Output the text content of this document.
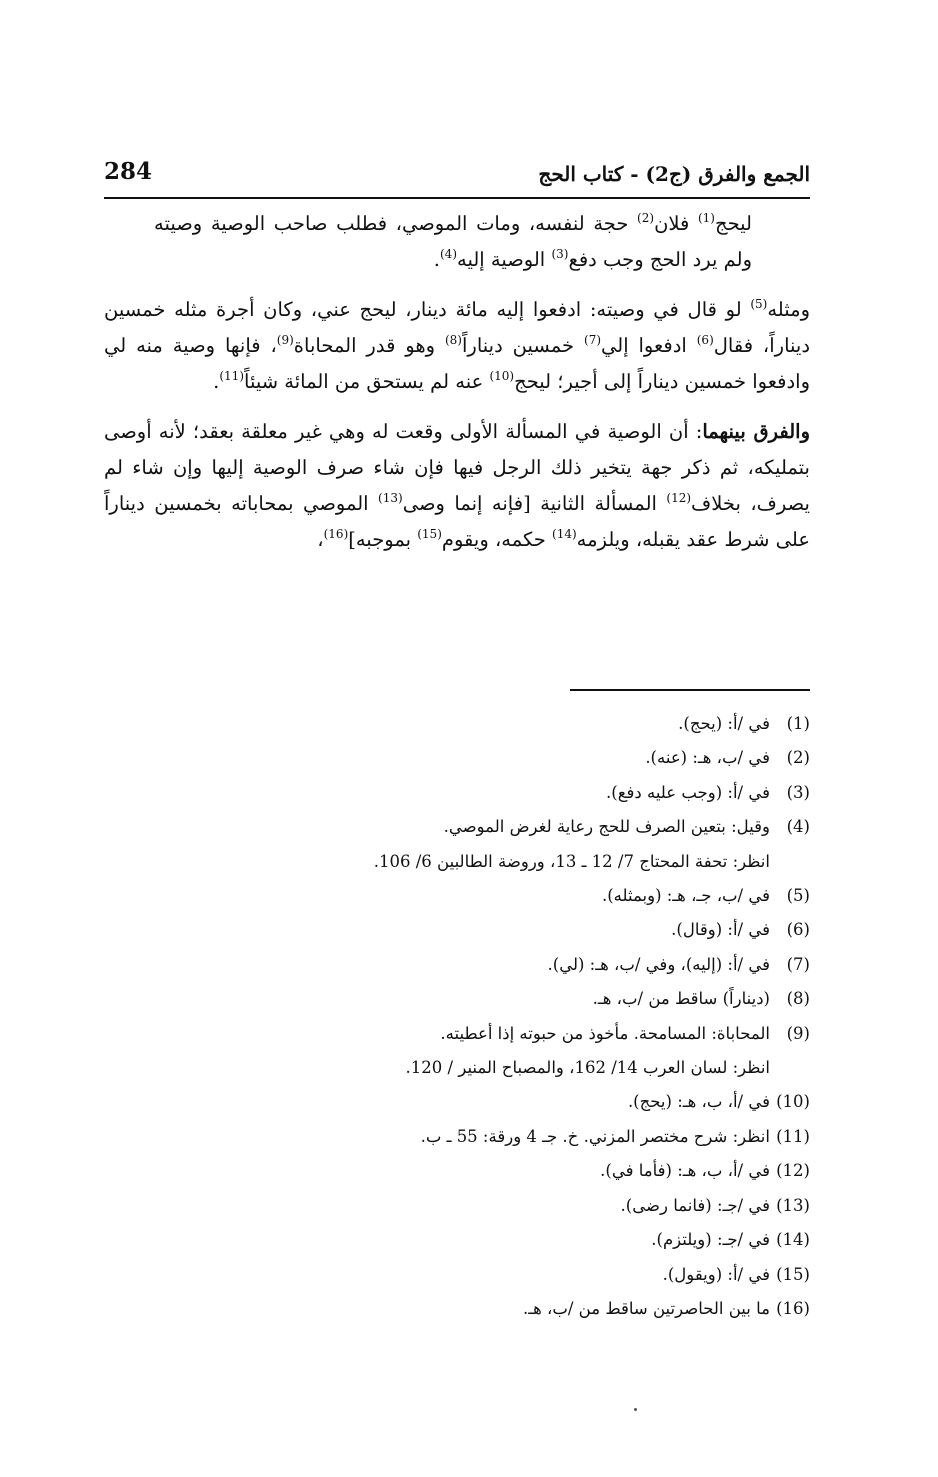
الجمع والفرق (ج2) - كتاب الحج
284

ليحج$^{(1)}$ فلان$^{(2)}$ حجة لنفسه، ومات الموصي، فطلب صاحب الوصية وصيته ولم يرد الحج وجب دفع$^{(3)}$ الوصية إليه$^{(4)}$.

ومثله$^{(5)}$ لو قال في وصيته: ادفعوا إليه مائة دينار، ليحج عني، وكان أجرة مثله خمسين ديناراً، فقال$^{(6)}$ ادفعوا إلي$^{(7)}$ خمسين ديناراً$^{(8)}$ وهو قدر المحاباة$^{(9)}$، فإنها وصية منه لي وادفعوا خمسين ديناراً إلى أجير؛ ليحج$^{(10)}$ عنه لم يستحق من المائة شيئاً$^{(11)}$.

والفرق بينهما: أن الوصية في المسألة الأولى وقعت له وهي غير معلقة بعقد؛ لأنه أوصى بتمليكه، ثم ذكر جهة يتخير ذلك الرجل فيها فإن شاء صرف الوصية إليها وإن شاء لم يصرف، بخلاف$^{(12)}$ المسألة الثانية [فإنه إنما وصى$^{(13)}$ الموصي بمحاباته بخمسين ديناراً على شرط عقد يقبله، ويلزمه$^{(14)}$ حكمه، ويقوم$^{(15)}$ بموجبه]$^{(16)}$،

(1)
في /أ: (يحج).
(2)
في /ب، هـ: (عنه).
(3)
في /أ: (وجب عليه دفع).
(4)
وقيل: بتعين الصرف للحج رعاية لغرض الموصي.
انظر: تحفة المحتاج 7/ 12 ـ 13، وروضة الطالبين 6/ 106.
(5)
في /ب، جـ، هـ: (وبمثله).
(6)
في /أ: (وقال).
(7)
في /أ: (إليه)، وفي /ب، هـ: (لي).
(8)
(ديناراً) ساقط من /ب، هـ.
(9)
المحاباة: المسامحة. مأخوذ من حبوته إذا أعطيته.
انظر: لسان العرب 14/ 162، والمصباح المنير / 120.
(10)
في /أ، ب، هـ: (يحج).
(11)
انظر: شرح مختصر المزني. خ. جـ 4 ورقة: 55 ـ ب.
(12)
في /أ، ب، هـ: (فأما في).
(13)
في /جـ: (فانما رضى).
(14)
في /جـ: (ويلتزم).
(15)
في /أ: (ويقول).
(16)
ما بين الحاصرتين ساقط من /ب، هـ.
